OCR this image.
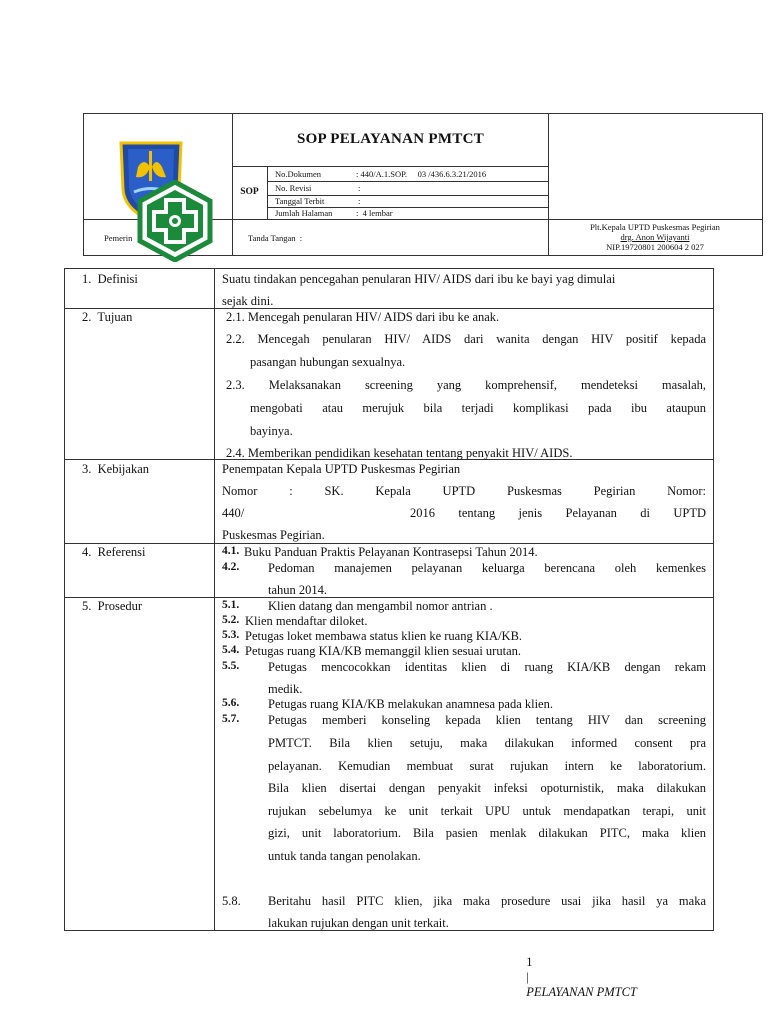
SOP PELAYANAN PMTCT
SOP
No.Dokumen	: 440/A.1.SOP.     03 /436.6.3.21/2016
No. Revisi	:
Tanggal Terbit	:
Jumlah Halaman	:  4 lembar
Pemerin	Tanda Tangan  :
Plt.Kepala UPTD Puskesmas Pegirian
drg. Anon Wijayanti
NIP.19720801 200604 2 027
1.  Definisi	Suatu tindakan pencegahan penularan HIV/ AIDS dari ibu ke bayi yag dimulai
sejak dini.
2.  Tujuan	2.1. Mencegah penularan HIV/ AIDS dari ibu ke anak.
2.2. Mencegah penularan HIV/ AIDS dari wanita dengan HIV positif kepada
pasangan hubungan sexualnya.
2.3. Melaksanakan screening yang komprehensif, mendeteksi masalah,
mengobati atau merujuk bila terjadi komplikasi pada ibu ataupun
bayinya.
2.4. Memberikan pendidikan kesehatan tentang penyakit HIV/ AIDS.
3.  Kebijakan	Penempatan Kepala UPTD Puskesmas Pegirian
Nomor : SK. Kepala UPTD Puskesmas Pegirian Nomor:
440/	2016 tentang jenis Pelayanan di UPTD
Puskesmas Pegirian.
4.  Referensi	4.1. Buku Panduan Praktis Pelayanan Kontrasepsi Tahun 2014.
4.2. Pedoman manajemen pelayanan keluarga berencana oleh kemenkes
tahun 2014.
5.  Prosedur	5.1. Klien datang dan mengambil nomor antrian .
5.2. Klien mendaftar diloket.
5.3. Petugas loket membawa status klien ke ruang KIA/KB.
5.4. Petugas ruang KIA/KB memanggil klien sesuai urutan.
5.5. Petugas mencocokkan identitas klien di ruang KIA/KB dengan rekam
medik.
5.6. Petugas ruang KIA/KB melakukan anamnesa pada klien.
5.7. Petugas memberi konseling kepada klien tentang HIV dan screening
PMTCT. Bila klien setuju, maka dilakukan informed consent pra
pelayanan. Kemudian membuat surat rujukan intern ke laboratorium.
Bila klien disertai dengan penyakit infeksi opoturnistik, maka dilakukan
rujukan sebelumya ke unit terkait UPU untuk mendapatkan terapi, unit
gizi, unit laboratorium. Bila pasien menlak dilakukan PITC, maka klien
untuk tanda tangan penolakan.
5.8. Beritahu hasil PITC klien, jika maka prosedure usai jika hasil ya maka
lakukan rujukan dengan unit terkait.

1
|
PELAYANAN PMTCT
